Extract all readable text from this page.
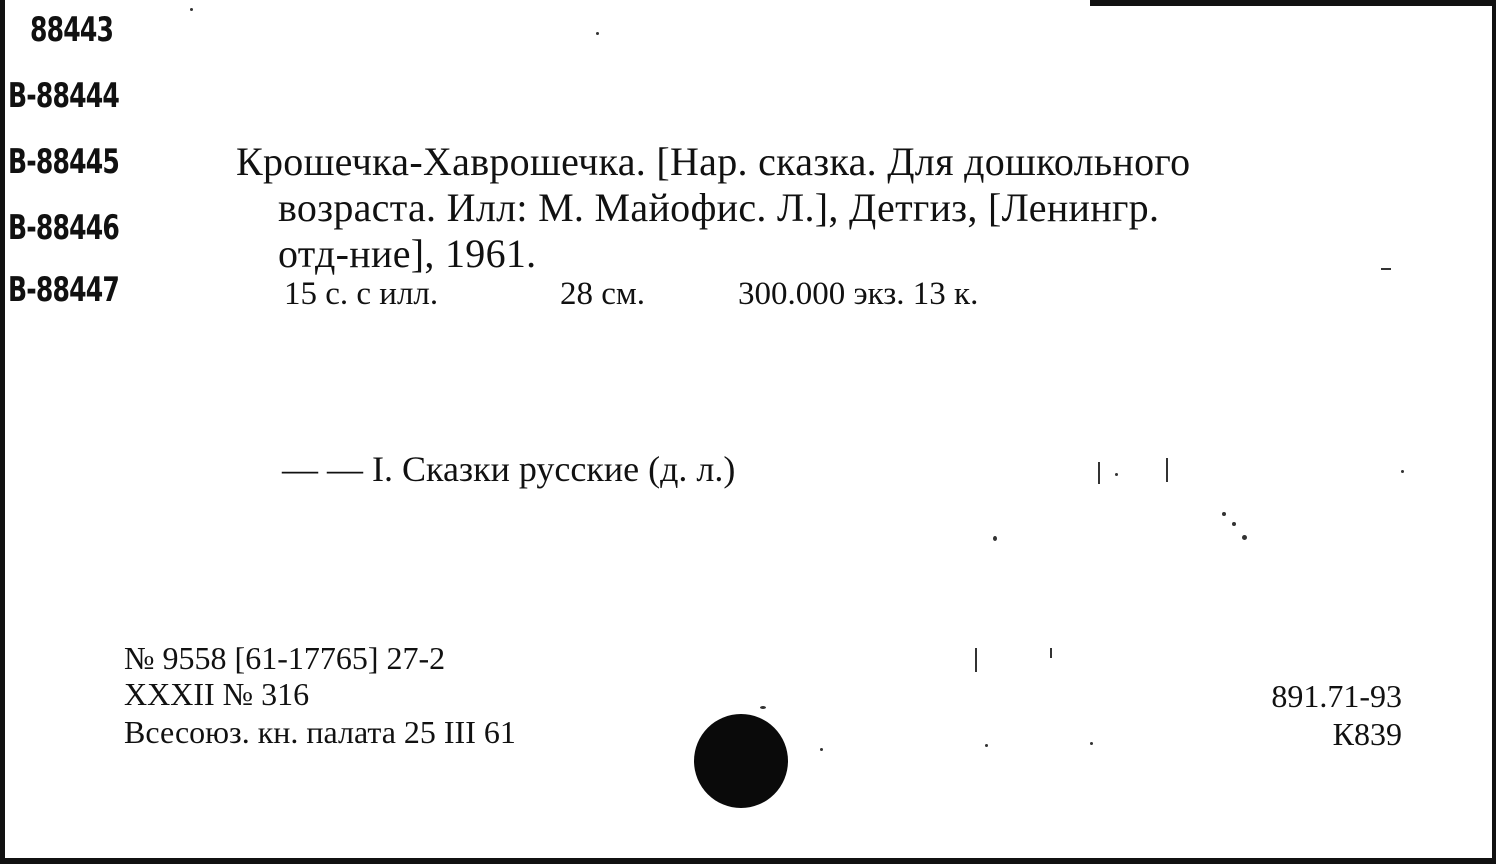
88443
B-88444
B-88445
B-88446
B-88447
Крошечка-Хаврошечка. [Нар. сказка. Для дошкольного
возраста. Илл: М. Майофис. Л.], Детгиз, [Ленингр.
отд-ние], 1961.
15 с. с илл.	28 см.	300.000 экз. 13 к.
— — I. Сказки русские (д. л.)
№ 9558 [61-17765] 27-2
XXXII № 316
Всесоюз. кн. палата 25 III 61
891.71-93
К839
